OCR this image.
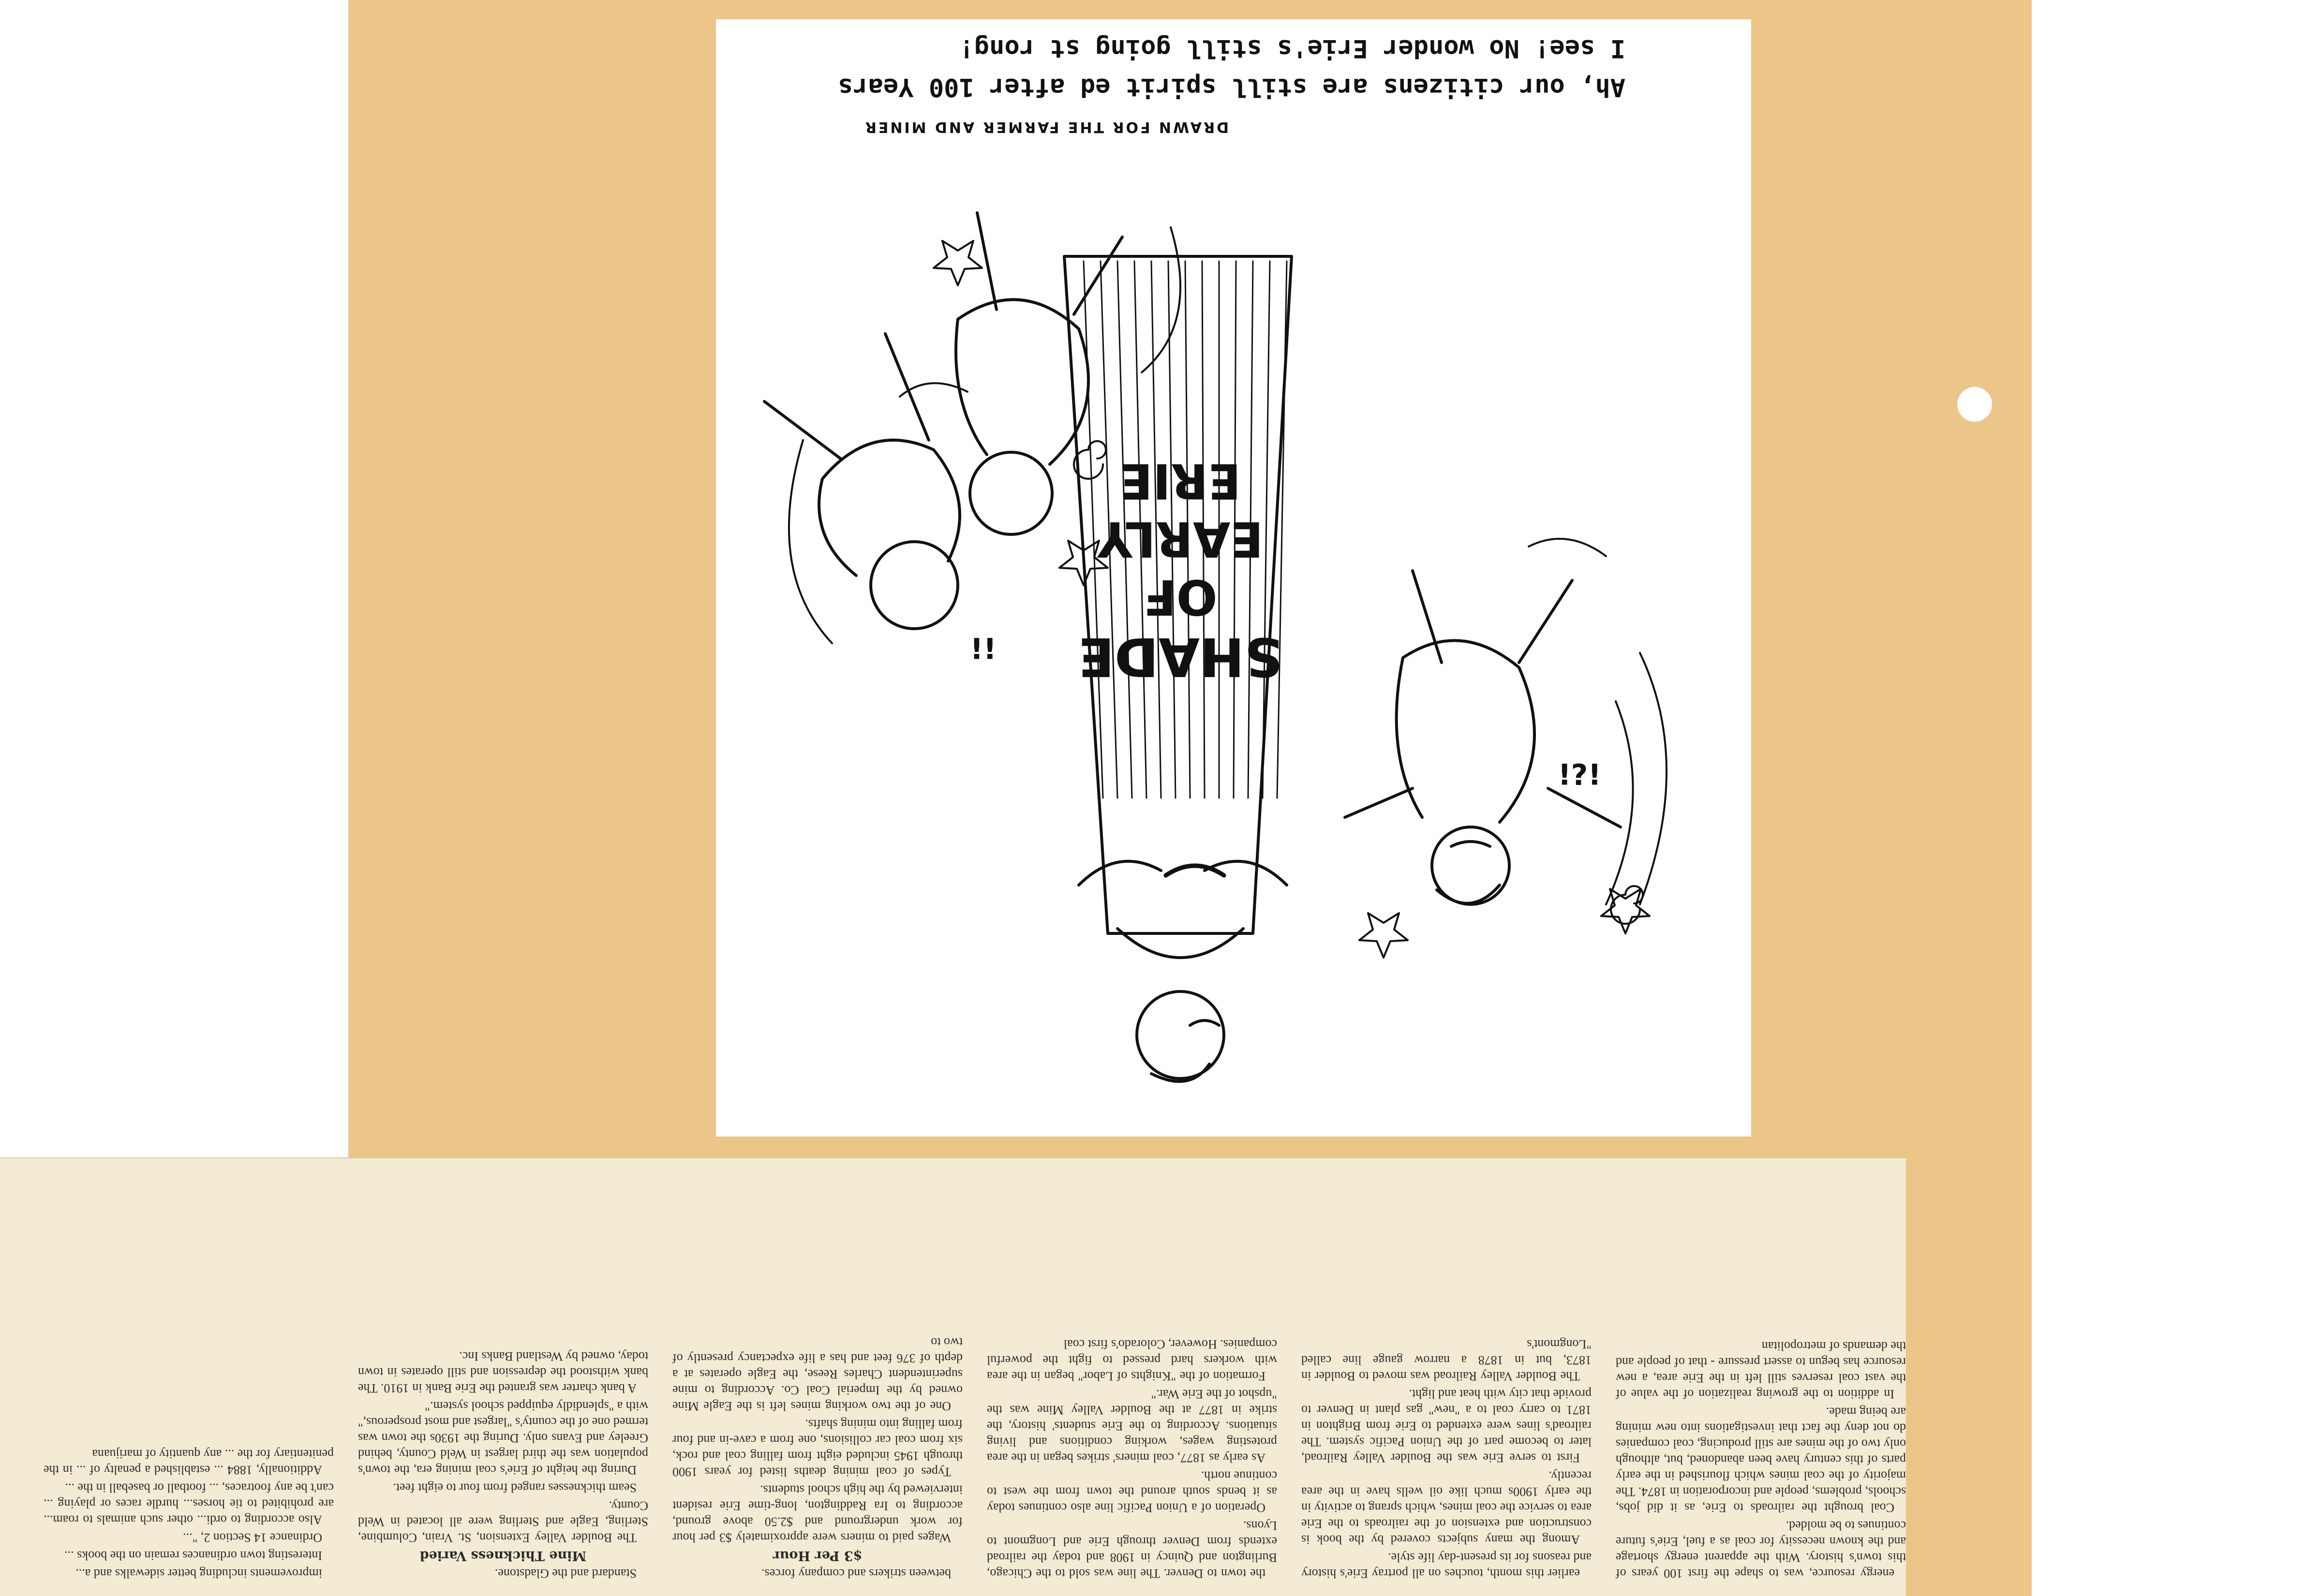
SHADE
OF
EARLY
ERIE
¡¡
¡¿¡
DRAWN FOR THE FARMER AND MINER
Ah, our citizens are still spirit ed after 100 Years
I see! No wonder Erie's still going st rong!

energy resource, was to shape the first 100 years of this town's history. With the apparent energy shortage and the known necessity for coal as a fuel, Erie's future continues to be molded.

Coal brought the railroads to Erie, as it did jobs, schools, problems, people and incorporation in 1874. The majority of the coal mines which flourished in the early parts of this century have been abandoned, but, although only two of the mines are still producing, coal companies do not deny the fact that investigations into new mining are being made.

In addition to the growing realization of the value of the vast coal reserves still left in the Erie area, a new resource has begun to assert pressure - that of people and the demands of metropolitan

earlier this month, touches on all portray Erie's history and reasons for its present-day life style.

Among the many subjects covered by the book is construction and extension of the railroads to the Erie area to service the coal mines, which sprang to activity in the early 1900s much like oil wells have in the area recently.

First to serve Erie was the Boulder Valley Railroad, later to become part of the Union Pacific system. The railroad's lines were extended to Erie from Brighton in 1871 to carry coal to a "new" gas plant in Denver to provide that city with heat and light.

The Boulder Valley Railroad was moved to Boulder in 1873, but in 1878 a narrow gauge line called "Longmont's

the town to Denver. The line was sold to the Chicago, Burlington and Quincy in 1908 and today the railroad extends from Denver through Erie and Longmont to Lyons.

Operation of a Union Pacific line also continues today as it bends south around the town from the west to continue north.

As early as 1877, coal miners' strikes began in the area protesting wages, working conditions and living situations. According to the Erie students' history, the strike in 1877 at the Boulder Valley Mine was the "upshot of the Erie War."

Formation of the "Knights of Labor" began in the area with workers hard pressed to fight the powerful companies. However, Colorado's first coal

between strikers and company forces.

$3 Per Hour

Wages paid to miners were approximately $3 per hour for work underground and $2.50 above ground, according to Ira Raddington, long-time Erie resident interviewed by the high school students.

Types of coal mining deaths listed for years 1900 through 1945 included eight from falling coal and rock, six from coal car collisions, one from a cave-in and four from falling into mining shafts.

One of the two working mines left is the Eagle Mine owned by the Imperial Coal Co. According to mine superintendent Charles Reese, the Eagle operates at a depth of 376 feet and has a life expectancy presently of two to

Standard and the Gladstone.

Mine Thickness Varied

The Boulder Valley Extension, St. Vrain, Columbine, Sterling, Eagle and Sterling were all located in Weld County.

Seam thicknesses ranged from four to eight feet.

During the height of Erie's coal mining era, the town's population was the third largest in Weld County, behind Greeley and Evans only. During the 1930s the town was termed one of the county's "largest and most prosperous," with a "splendidly equipped school system."

A bank charter was granted the Erie Bank in 1910. The bank withstood the depression and still operates in town today, owned by Westland Banks Inc.

improvements including better sidewalks and a...

Interesting town ordinances remain on the books ...

Ordinance 14 Section 2, "...

Also according to ordi... other such animals to roam... are prohibited to tie horses... hurdle races or playing ... can't be any footraces, ... football or baseball in the ...

Additionally, 1884 ... established a penalty of ... in the penitentiary for the ... any quantity of marijuana
